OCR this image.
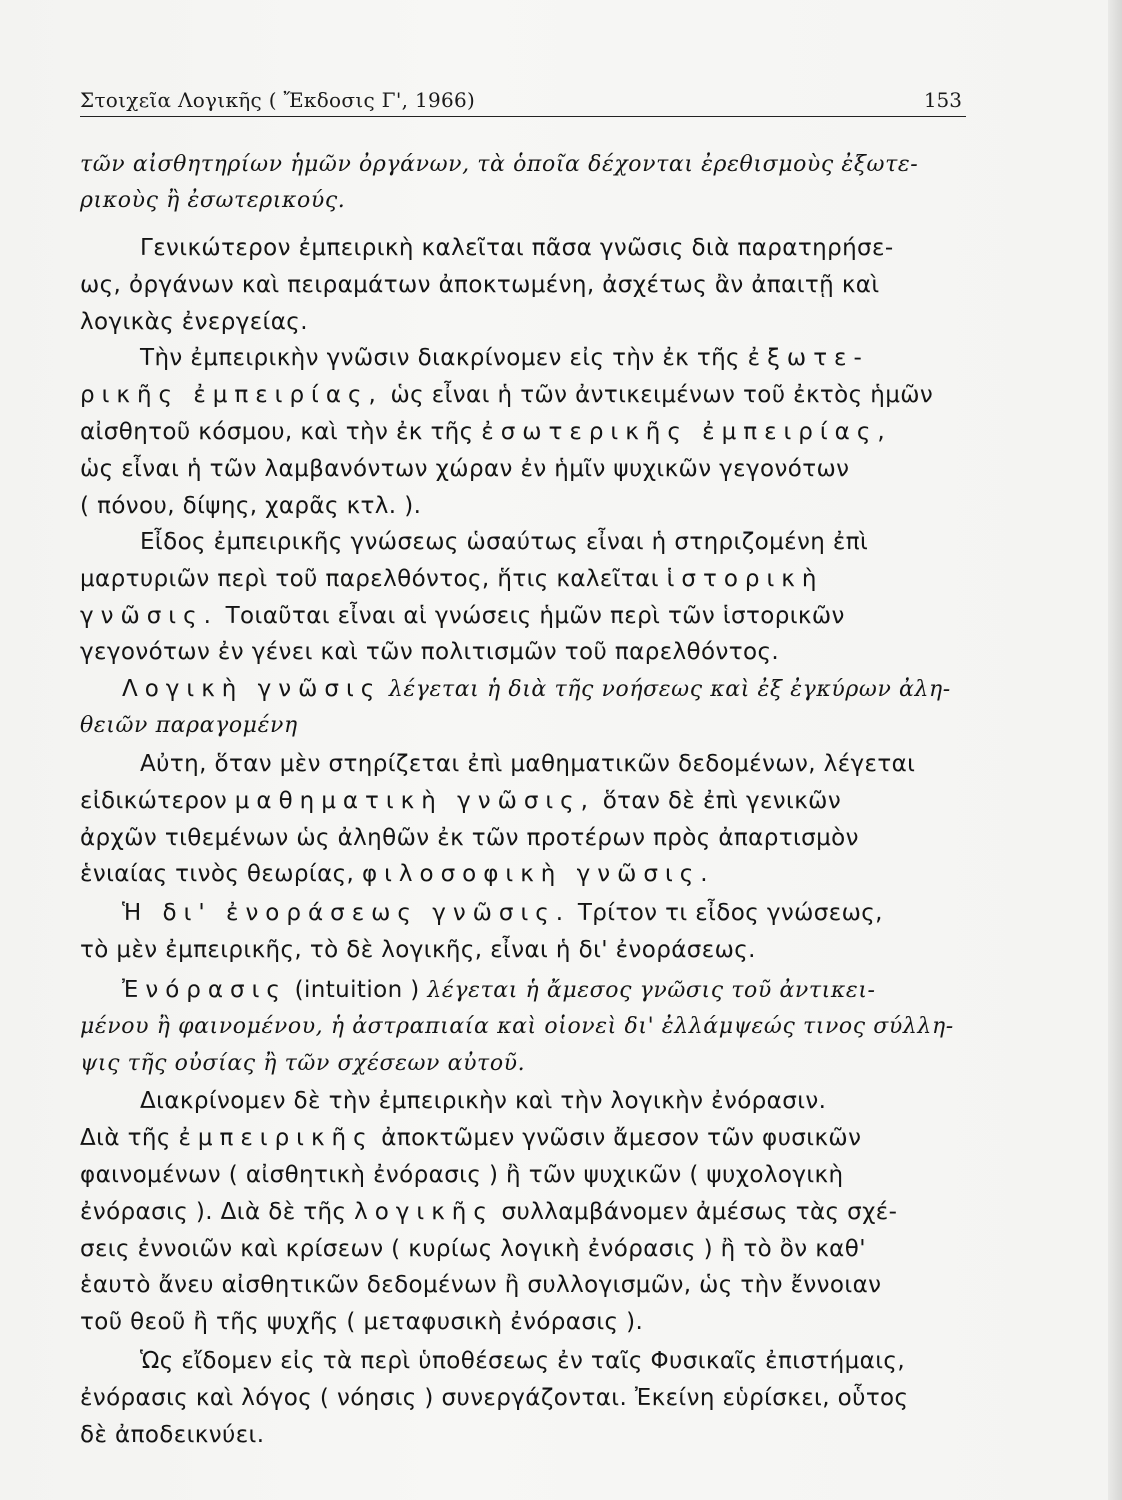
Στοιχεῖα Λογικῆς ( Ἔκδοσις Γ', 1966)	153
τῶν αἰσθητηρίων ἡμῶν ὀργάνων, τὰ ὁποῖα δέχονται ἐρεθισμοὺς ἐξωτε-
ρικοὺς ἢ ἐσωτερικούς.
Γενικώτερον ἐμπειρικὴ καλεῖται πᾶσα γνῶσις διὰ παρατηρήσε-
ως, ὀργάνων καὶ πειραμάτων ἀποκτωμένη, ἀσχέτως ἂν ἀπαιτῇ καὶ
λογικὰς ἐνεργείας.
Τὴν ἐμπειρικὴν γνῶσιν διακρίνομεν εἰς τὴν ἐκ τῆς ἐξωτε-
ρικῆς ἐμπειρίας, ὡς εἶναι ἡ τῶν ἀντικειμένων τοῦ ἐκτὸς ἡμῶν
αἰσθητοῦ κόσμου, καὶ τὴν ἐκ τῆς ἐσωτερικῆς ἐμπειρίας,
ὡς εἶναι ἡ τῶν λαμβανόντων χώραν ἐν ἡμῖν ψυχικῶν γεγονότων
( πόνου, δίψης, χαρᾶς κτλ. ).
Εἶδος ἐμπειρικῆς γνώσεως ὡσαύτως εἶναι ἡ στηριζομένη ἐπὶ
μαρτυριῶν περὶ τοῦ παρελθόντος, ἥτις καλεῖται ἱστορικὴ
γνῶσις. Τοιαῦται εἶναι αἱ γνώσεις ἡμῶν περὶ τῶν ἱστορικῶν
γεγονότων ἐν γένει καὶ τῶν πολιτισμῶν τοῦ παρελθόντος.
Λογικὴ γνῶσις λέγεται ἡ διὰ τῆς νοήσεως καὶ ἐξ ἐγκύρων ἀλη-
θειῶν παραγομένη
Αὐτη, ὅταν μὲν στηρίζεται ἐπὶ μαθηματικῶν δεδομένων, λέγεται
εἰδικώτερον μαθηματικὴ γνῶσις, ὅταν δὲ ἐπὶ γενικῶν
ἀρχῶν τιθεμένων ὡς ἀληθῶν ἐκ τῶν προτέρων πρὸς ἀπαρτισμὸν
ἑνιαίας τινὸς θεωρίας, φιλοσοφικὴ γνῶσις.
Ἡ δι' ἐνοράσεως γνῶσις. Τρίτον τι εἶδος γνώσεως,
τὸ μὲν ἐμπειρικῆς, τὸ δὲ λογικῆς, εἶναι ἡ δι' ἐνοράσεως.
Ἐνόρασις (intuition ) λέγεται ἡ ἄμεσος γνῶσις τοῦ ἀντικει-
μένου ἢ φαινομένου, ἡ ἀστραπιαία καὶ οἱονεὶ δι' ἐλλάμψεώς τινος σύλλη-
ψις τῆς οὐσίας ἢ τῶν σχέσεων αὐτοῦ.
Διακρίνομεν δὲ τὴν ἐμπειρικὴν καὶ τὴν λογικὴν ἐνόρασιν.
Διὰ τῆς ἐμπειρικῆς ἀποκτῶμεν γνῶσιν ἄμεσον τῶν φυσικῶν
φαινομένων ( αἰσθητικὴ ἐνόρασις ) ἢ τῶν ψυχικῶν ( ψυχολογικὴ
ἐνόρασις ). Διὰ δὲ τῆς λογικῆς συλλαμβάνομεν ἀμέσως τὰς σχέ-
σεις ἐννοιῶν καὶ κρίσεων ( κυρίως λογικὴ ἐνόρασις ) ἢ τὸ ὂν καθ'
ἑαυτὸ ἄνευ αἰσθητικῶν δεδομένων ἢ συλλογισμῶν, ὡς τὴν ἔννοιαν
τοῦ θεοῦ ἢ τῆς ψυχῆς ( μεταφυσικὴ ἐνόρασις ).
Ὡς εἴδομεν εἰς τὰ περὶ ὑποθέσεως ἐν ταῖς Φυσικαῖς ἐπιστήμαις,
ἐνόρασις καὶ λόγος ( νόησις ) συνεργάζονται. Ἐκείνη εὑρίσκει, οὗτος
δὲ ἀποδεικνύει.
